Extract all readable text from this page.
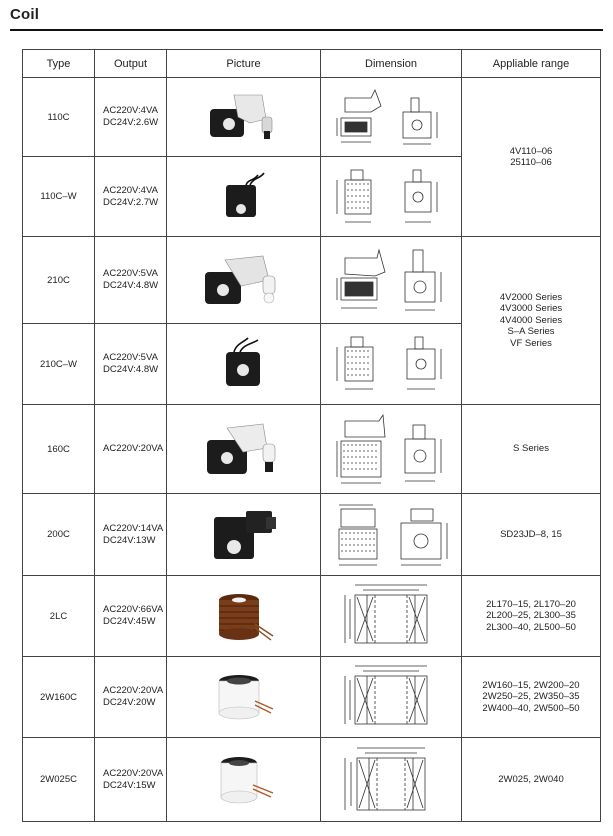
Coil
Type	Output	Picture	Dimension	Appliable range
110C	AC220V:4VA
DC24V:2.6W			4V110–06
25110–06

110C–W	AC220V:4VA
DC24V:2.7W

210C	AC220V:5VA
DC24V:4.8W			4V2000 Series
4V3000 Series
4V4000 Series
S–A Series
VF Series

210C–W	AC220V:5VA
DC24V:4.8W

160C	AC220V:20VA			S Series

200C	AC220V:14VA
DC24V:13W			SD23JD–8, 15

2LC	AC220V:66VA
DC24V:45W			2L170–15, 2L170–20
2L200–25, 2L300–35
2L300–40, 2L500–50

2W160C	AC220V:20VA
DC24V:20W			2W160–15, 2W200–20
2W250–25, 2W350–35
2W400–40, 2W500–50

2W025C	AC220V:20VA
DC24V:15W			2W025, 2W040
